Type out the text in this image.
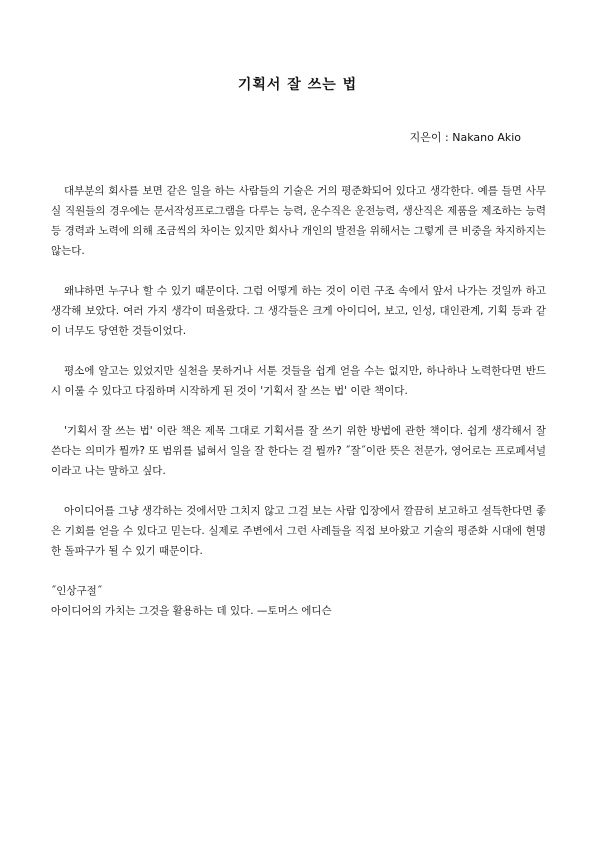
기획서 잘 쓰는 법
지은이 : Nakano Akio

대부분의 회사를 보면 같은 일을 하는 사람들의 기술은 거의 평준화되어 있다고 생각한다. 예를 들면 사무실 직원들의 경우에는 문서작성프로그램을 다루는 능력, 운수직은 운전능력, 생산직은 제품을 제조하는 능력 등 경력과 노력에 의해 조금씩의 차이는 있지만 회사나 개인의 발전을 위해서는 그렇게 큰 비중을 차지하지는 않는다.

왜냐하면 누구나 할 수 있기 때문이다. 그럼 어떻게 하는 것이 이런 구조 속에서 앞서 나가는 것일까 하고 생각해 보았다. 여러 가지 생각이 떠올랐다. 그 생각들은 크게 아이디어, 보고, 인성, 대인관계, 기획 등과 같이 너무도 당연한 것들이었다.

평소에 알고는 있었지만 실천을 못하거나 서툰 것들을 쉽게 얻을 수는 없지만, 하나하나 노력한다면 반드시 이룰 수 있다고 다짐하며 시작하게 된 것이 '기획서 잘 쓰는 법' 이란 책이다.

'기획서 잘 쓰는 법' 이란 책은 제목 그대로 기획서를 잘 쓰기 위한 방법에 관한 책이다. 쉽게 생각해서 잘 쓴다는 의미가 뭘까? 또 범위를 넓혀서 일을 잘 한다는 걸 뭘까? ˝잘˝이란 뜻은 전문가, 영어로는 프로페셔널 이라고 나는 말하고 싶다.

아이디어를 그냥 생각하는 것에서만 그치지 않고 그걸 보는 사람 입장에서 깔끔히 보고하고 설득한다면 좋은 기회를 얻을 수 있다고 믿는다. 실제로 주변에서 그런 사례들을 직접 보아왔고 기술의 평준화 시대에 현명한 돌파구가 될 수 있기 때문이다.

˝인상구절˝

아이디어의 가치는 그것을 활용하는 데 있다. —토머스 에디슨
